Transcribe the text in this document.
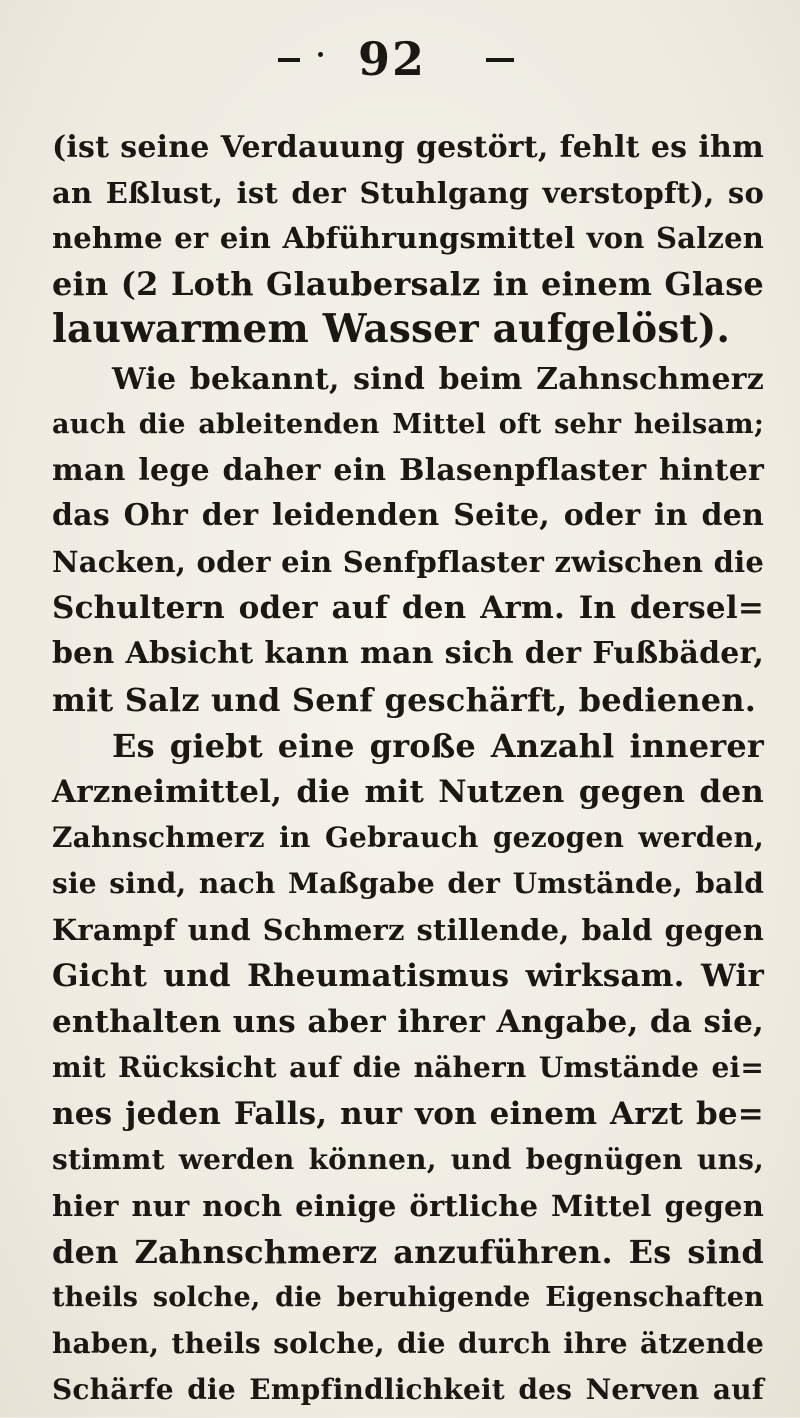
92
(ist seine Verdauung gestört, fehlt es ihm
an Eßlust, ist der Stuhlgang verstopft), so
nehme er ein Abführungsmittel von Salzen
ein (2 Loth Glaubersalz in einem Glase
lauwarmem Wasser aufgelöst).
Wie bekannt, sind beim Zahnschmerz
auch die ableitenden Mittel oft sehr heilsam;
man lege daher ein Blasenpflaster hinter
das Ohr der leidenden Seite, oder in den
Nacken, oder ein Senfpflaster zwischen die
Schultern oder auf den Arm. In dersel=
ben Absicht kann man sich der Fußbäder,
mit Salz und Senf geschärft, bedienen.
Es giebt eine große Anzahl innerer
Arzneimittel, die mit Nutzen gegen den
Zahnschmerz in Gebrauch gezogen werden,
sie sind, nach Maßgabe der Umstände, bald
Krampf und Schmerz stillende, bald gegen
Gicht und Rheumatismus wirksam. Wir
enthalten uns aber ihrer Angabe, da sie,
mit Rücksicht auf die nähern Umstände ei=
nes jeden Falls, nur von einem Arzt be=
stimmt werden können, und begnügen uns,
hier nur noch einige örtliche Mittel gegen
den Zahnschmerz anzuführen. Es sind
theils solche, die beruhigende Eigenschaften
haben, theils solche, die durch ihre ätzende
Schärfe die Empfindlichkeit des Nerven auf
